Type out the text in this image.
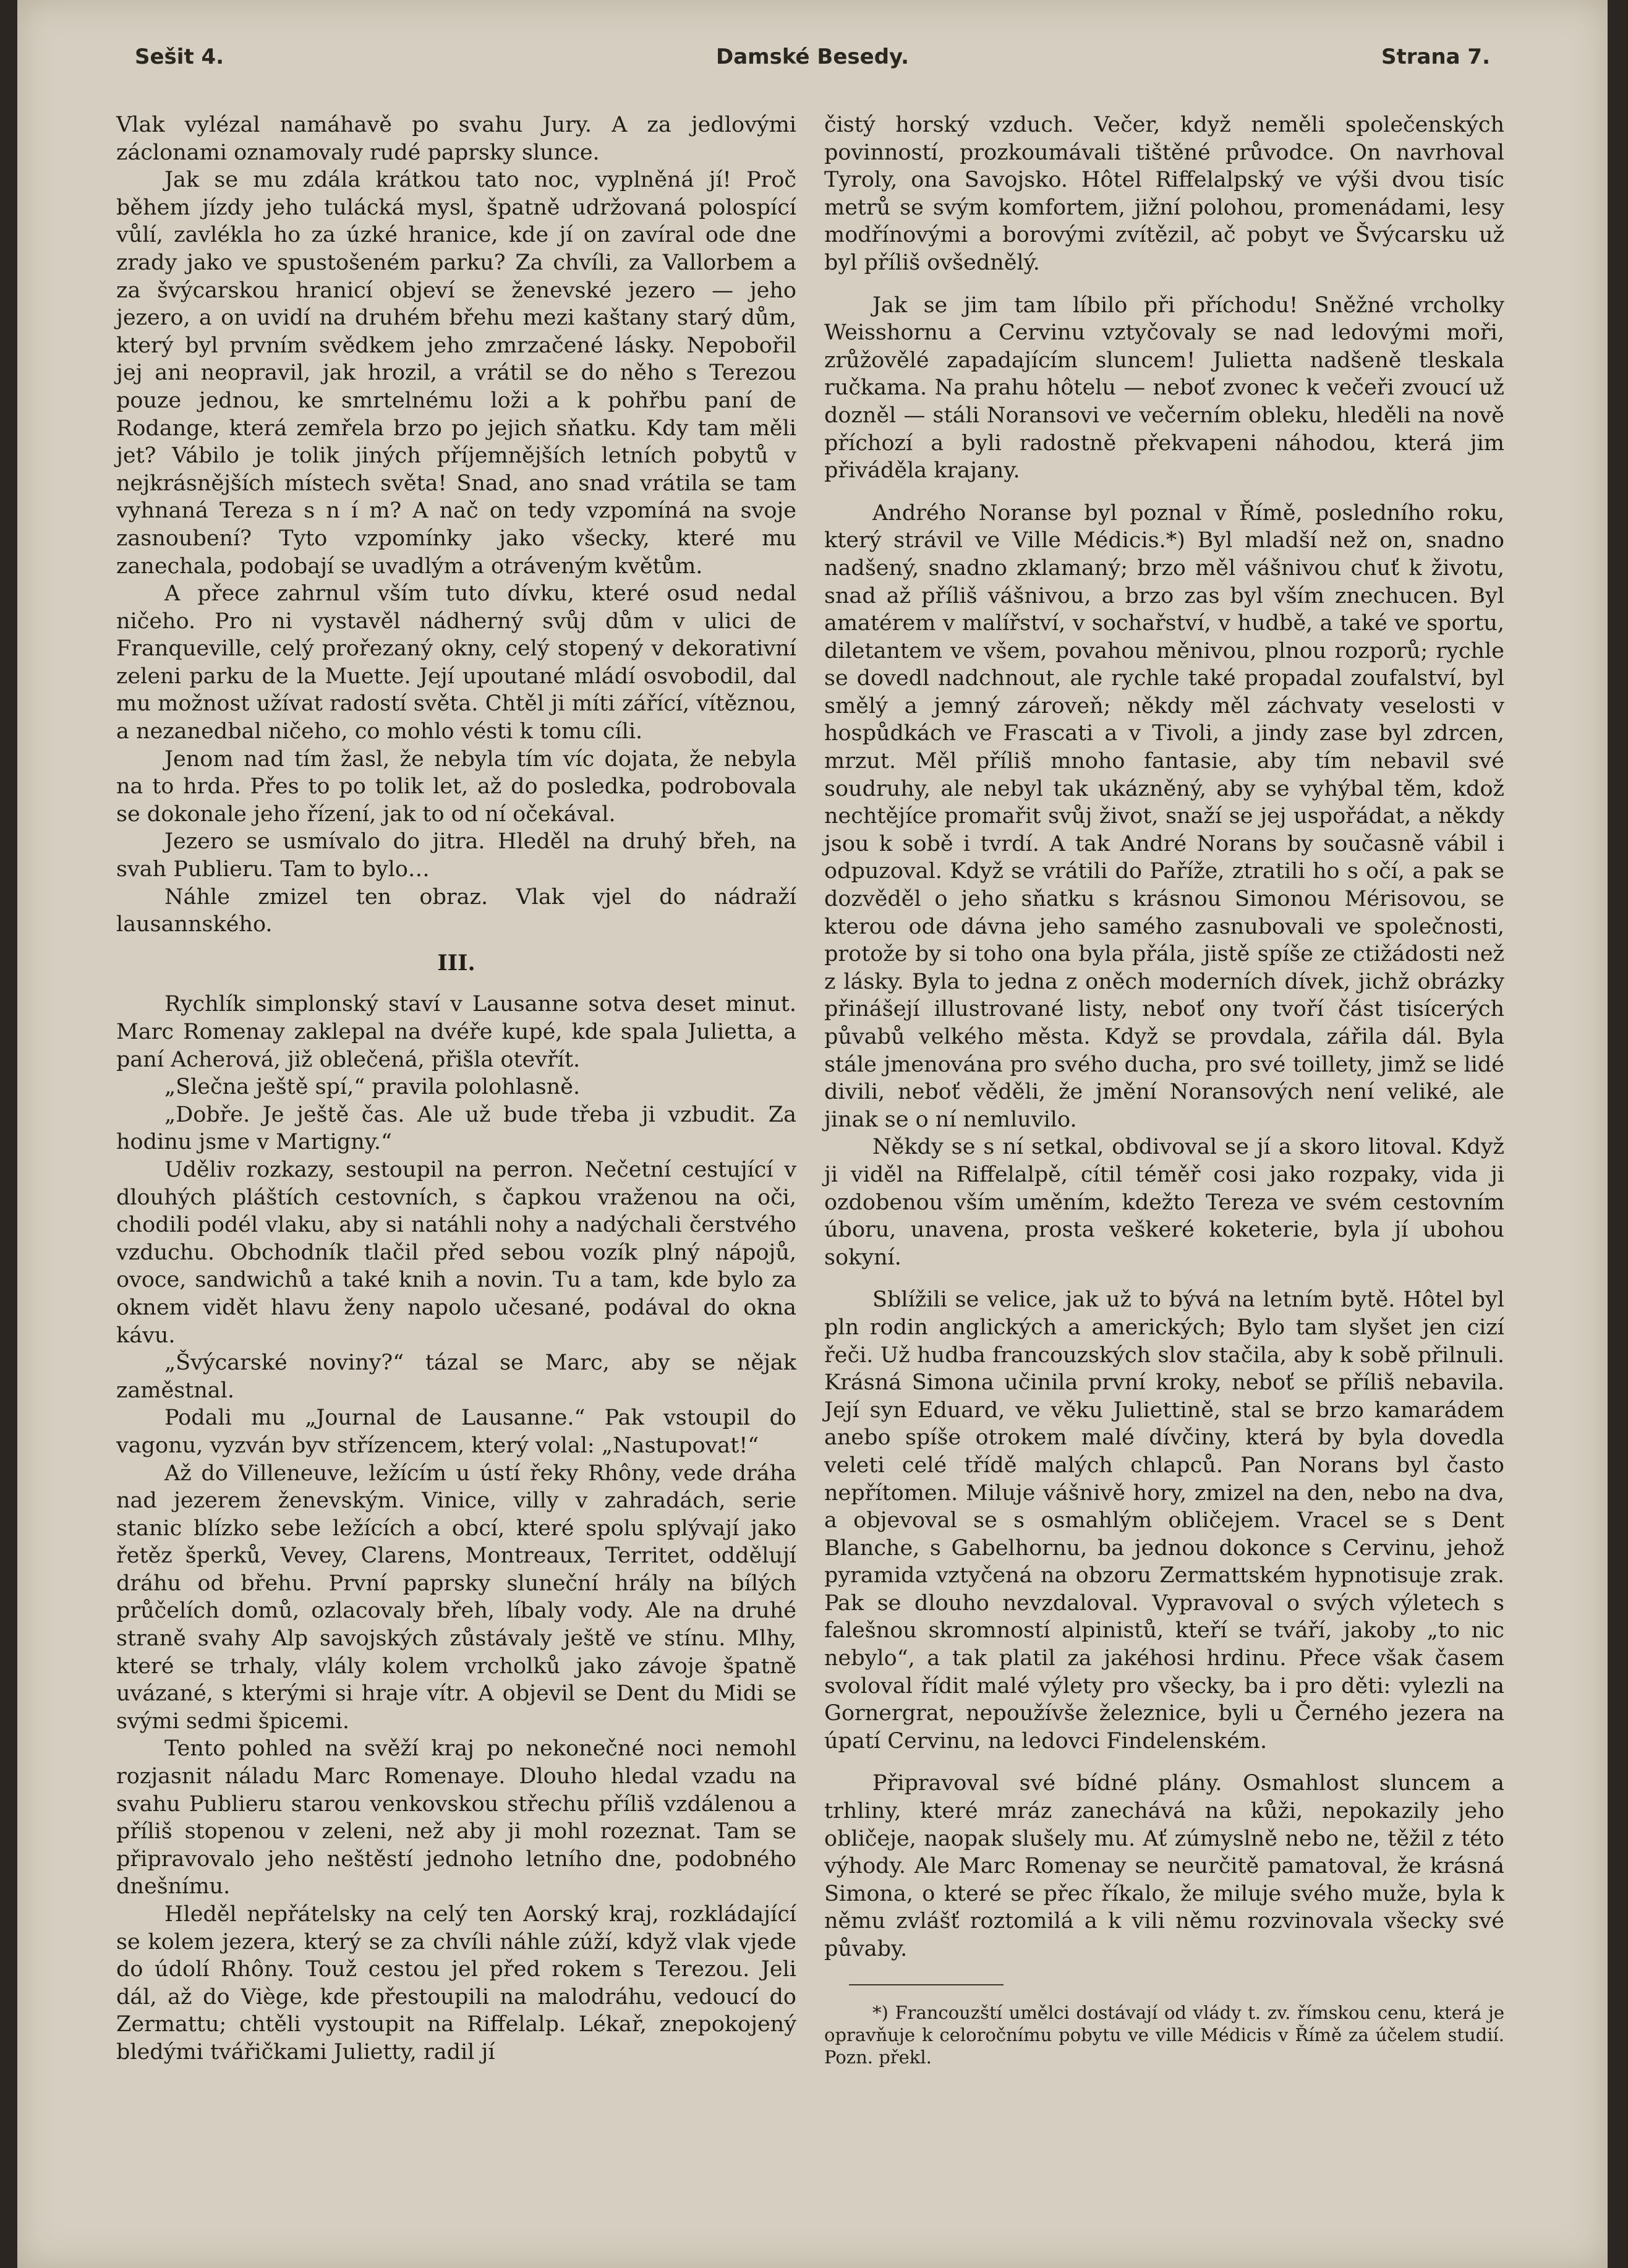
Sešit 4.	Damské Besedy.	Strana 7.

Vlak vylézal namáhavě po svahu Jury. A za jedlovými záclonami oznamovaly rudé paprsky slunce.

Jak se mu zdála krátkou tato noc, vyplněná jí! Proč během jízdy jeho tulácká mysl, špatně udržovaná polospící vůlí, zavlékla ho za úzké hranice, kde jí on zavíral ode dne zrady jako ve spustošeném parku? Za chvíli, za Vallorbem a za švýcarskou hranicí objeví se ženevské jezero — jeho jezero, a on uvidí na druhém břehu mezi kaštany starý dům, který byl prvním svědkem jeho zmrzačené lásky. Nepobořil jej ani neopravil, jak hrozil, a vrátil se do něho s Terezou pouze jednou, ke smrtelnému loži a k pohřbu paní de Rodange, která zemřela brzo po jejich sňatku. Kdy tam měli jet? Vábilo je tolik jiných příjemnějších letních pobytů v nejkrásnějších místech světa! Snad, ano snad vrátila se tam vyhnaná Tereza s n í m? A nač on tedy vzpomíná na svoje zasnoubení? Tyto vzpomínky jako všecky, které mu zanechala, podobají se uvadlým a otráveným květům.

A přece zahrnul vším tuto dívku, které osud nedal ničeho. Pro ni vystavěl nádherný svůj dům v ulici de Franqueville, celý prořezaný okny, celý stopený v dekorativní zeleni parku de la Muette. Její upoutané mládí osvobodil, dal mu možnost užívat radostí světa. Chtěl ji míti zářící, vítěznou, a nezanedbal ničeho, co mohlo vésti k tomu cíli.

Jenom nad tím žasl, že nebyla tím víc dojata, že nebyla na to hrda. Přes to po tolik let, až do posledka, podrobovala se dokonale jeho řízení, jak to od ní očekával.

Jezero se usmívalo do jitra. Hleděl na druhý břeh, na svah Publieru. Tam to bylo…

Náhle zmizel ten obraz. Vlak vjel do nádraží lausannského.

III.

Rychlík simplonský staví v Lausanne sotva deset minut. Marc Romenay zaklepal na dvéře kupé, kde spala Julietta, a paní Acherová, již oblečená, přišla otevřít.

„Slečna ještě spí,“ pravila polohlasně.

„Dobře. Je ještě čas. Ale už bude třeba ji vzbudit. Za hodinu jsme v Martigny.“

Uděliv rozkazy, sestoupil na perron. Nečetní cestující v dlouhých pláštích cestovních, s čapkou vraženou na oči, chodili podél vlaku, aby si natáhli nohy a nadýchali čerstvého vzduchu. Obchodník tlačil před sebou vozík plný nápojů, ovoce, sandwichů a také knih a novin. Tu a tam, kde bylo za oknem vidět hlavu ženy napolo učesané, podával do okna kávu.

„Švýcarské noviny?“ tázal se Marc, aby se nějak zaměstnal.

Podali mu „Journal de Lausanne.“ Pak vstoupil do vagonu, vyzván byv střízencem, který volal: „Nastupovat!“

Až do Villeneuve, ležícím u ústí řeky Rhôny, vede dráha nad jezerem ženevským. Vinice, villy v zahradách, serie stanic blízko sebe ležících a obcí, které spolu splývají jako řetěz šperků, Vevey, Clarens, Montreaux, Territet, oddělují dráhu od břehu. První paprsky sluneční hrály na bílých průčelích domů, ozlacovaly břeh, líbaly vody. Ale na druhé straně svahy Alp savojských zůstávaly ještě ve stínu. Mlhy, které se trhaly, vlály kolem vrcholků jako závoje špatně uvázané, s kterými si hraje vítr. A objevil se Dent du Midi se svými sedmi špicemi.

Tento pohled na svěží kraj po nekonečné noci nemohl rozjasnit náladu Marc Romenaye. Dlouho hledal vzadu na svahu Publieru starou venkovskou střechu příliš vzdálenou a příliš stopenou v zeleni, než aby ji mohl rozeznat. Tam se připravovalo jeho neštěstí jednoho letního dne, podobného dnešnímu.

Hleděl nepřátelsky na celý ten Aorský kraj, rozkládající se kolem jezera, který se za chvíli náhle zúží, když vlak vjede do údolí Rhôny. Touž cestou jel před rokem s Terezou. Jeli dál, až do Viège, kde přestoupili na malodráhu, vedoucí do Zermattu; chtěli vystoupit na Riffelalp. Lékař, znepokojený bledými tvářičkami Julietty, radil jí

čistý horský vzduch. Večer, když neměli společenských povinností, prozkoumávali tištěné průvodce. On navrhoval Tyroly, ona Savojsko. Hôtel Riffelalpský ve výši dvou tisíc metrů se svým komfortem, jižní polohou, promenádami, lesy modřínovými a borovými zvítězil, ač pobyt ve Švýcarsku už byl příliš ovšednělý.

Jak se jim tam líbilo při příchodu! Sněžné vrcholky Weisshornu a Cervinu vztyčovaly se nad ledovými moři, zrůžovělé zapadajícím sluncem! Julietta nadšeně tleskala ručkama. Na prahu hôtelu — neboť zvonec k večeři zvoucí už dozněl — stáli Noransovi ve večerním obleku, hleděli na nově příchozí a byli radostně překvapeni náhodou, která jim přiváděla krajany.

Andrého Noranse byl poznal v Římě, posledního roku, který strávil ve Ville Médicis.*) Byl mladší než on, snadno nadšený, snadno zklamaný; brzo měl vášnivou chuť k životu, snad až příliš vášnivou, a brzo zas byl vším znechucen. Byl amatérem v malířství, v sochařství, v hudbě, a také ve sportu, diletantem ve všem, povahou měnivou, plnou rozporů; rychle se dovedl nadchnout, ale rychle také propadal zoufalství, byl smělý a jemný zároveň; někdy měl záchvaty veselosti v hospůdkách ve Frascati a v Tivoli, a jindy zase byl zdrcen, mrzut. Měl příliš mnoho fantasie, aby tím nebavil své soudruhy, ale nebyl tak ukázněný, aby se vyhýbal těm, kdož nechtějíce promařit svůj život, snaží se jej uspořádat, a někdy jsou k sobě i tvrdí. A tak André Norans by současně vábil i odpuzoval. Když se vrátili do Paříže, ztratili ho s očí, a pak se dozvěděl o jeho sňatku s krásnou Simonou Mérisovou, se kterou ode dávna jeho samého zasnubovali ve společnosti, protože by si toho ona byla přála, jistě spíše ze ctižádosti než z lásky. Byla to jedna z oněch moderních dívek, jichž obrázky přinášejí illustrované listy, neboť ony tvoří část tisícerých půvabů velkého města. Když se provdala, zářila dál. Byla stále jmenována pro svého ducha, pro své toillety, jimž se lidé divili, neboť věděli, že jmění Noransových není veliké, ale jinak se o ní nemluvilo.

Někdy se s ní setkal, obdivoval se jí a skoro litoval. Když ji viděl na Riffelalpě, cítil téměř cosi jako rozpaky, vida ji ozdobenou vším uměním, kdežto Tereza ve svém cestovním úboru, unavena, prosta veškeré koketerie, byla jí ubohou sokyní.

Sblížili se velice, jak už to bývá na letním bytě. Hôtel byl pln rodin anglických a amerických; Bylo tam slyšet jen cizí řeči. Už hudba francouzských slov stačila, aby k sobě přilnuli. Krásná Simona učinila první kroky, neboť se příliš nebavila. Její syn Eduard, ve věku Juliettině, stal se brzo kamarádem anebo spíše otrokem malé dívčiny, která by byla dovedla veleti celé třídě malých chlapců. Pan Norans byl často nepřítomen. Miluje vášnivě hory, zmizel na den, nebo na dva, a objevoval se s osmahlým obličejem. Vracel se s Dent Blanche, s Gabelhornu, ba jednou dokonce s Cervinu, jehož pyramida vztyčená na obzoru Zermattském hypnotisuje zrak. Pak se dlouho nevzdaloval. Vypravoval o svých výletech s falešnou skromností alpinistů, kteří se tváří, jakoby „to nic nebylo“, a tak platil za jakéhosi hrdinu. Přece však časem svoloval řídit malé výlety pro všecky, ba i pro děti: vylezli na Gornergrat, nepoužívše železnice, byli u Černého jezera na úpatí Cervinu, na ledovci Findelenském.

Připravoval své bídné plány. Osmahlost sluncem a trhliny, které mráz zanechává na kůži, nepokazily jeho obličeje, naopak slušely mu. Ať zúmyslně nebo ne, těžil z této výhody. Ale Marc Romenay se neurčitě pamatoval, že krásná Simona, o které se přec říkalo, že miluje svého muže, byla k němu zvlášť roztomilá a k vili němu rozvinovala všecky své půvaby.

*) Francouzští umělci dostávají od vlády t. zv. římskou cenu, která je opravňuje k celoročnímu pobytu ve ville Médicis v Římě za účelem studií. Pozn. překl.
